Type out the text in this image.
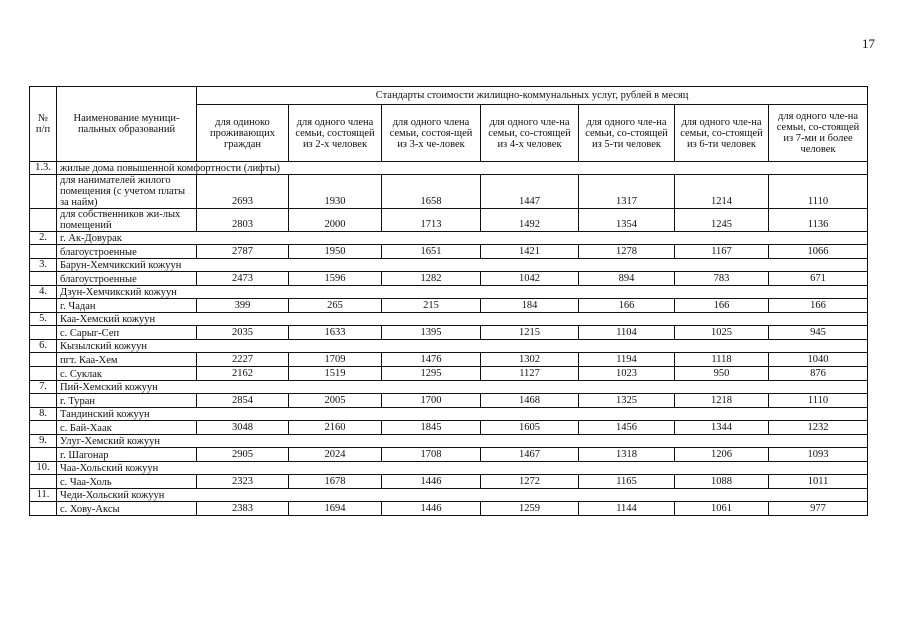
17
№ п/п	Наименование муници-пальных образований	Стандарты стоимости жилищно-коммунальных услуг, рублей в месяц						
		для одиноко проживающих граждан	для одного члена семьи, состоящей из 2-х человек	для одного члена семьи, состоя-щей из 3-х че-ловек	для одного чле-на семьи, со-стоящей из 4-х человек	для одного чле-на семьи, со-стоящей из 5-ти человек	для одного чле-на семьи, со-стоящей из 6-ти человек	для одного чле-на семьи, со-стоящей из 7-ми и более человек
1.3.	жилые дома повышенной комфортности (лифты)							
	для нанимателей жилого помещения (с учетом платы за найм)	2693	1930	1658	1447	1317	1214	1110
	для собственников жи-лых помещений	2803	2000	1713	1492	1354	1245	1136
2.	г. Ак-Довурак							
	благоустроенные	2787	1950	1651	1421	1278	1167	1066
3.	Барун-Хемчикский кожуун							
	благоустроенные	2473	1596	1282	1042	894	783	671
4.	Дзун-Хемчикский кожуун							
	г. Чадан	399	265	215	184	166	166	166
5.	Каа-Хемский кожуун							
	с. Сарыг-Сеп	2035	1633	1395	1215	1104	1025	945
6.	Кызылский кожуун							
	пгт. Каа-Хем	2227	1709	1476	1302	1194	1118	1040
	с. Суклак	2162	1519	1295	1127	1023	950	876
7.	Пий-Хемский кожуун							
	г. Туран	2854	2005	1700	1468	1325	1218	1110
8.	Тандинский кожуун							
	с. Бай-Хаак	3048	2160	1845	1605	1456	1344	1232
9.	Улуг-Хемский кожуун							
	г. Шагонар	2905	2024	1708	1467	1318	1206	1093
10.	Чаа-Хольский кожуун							
	с. Чаа-Холь	2323	1678	1446	1272	1165	1088	1011
11.	Чеди-Хольский кожуун							
	с. Хову-Аксы	2383	1694	1446	1259	1144	1061	977
